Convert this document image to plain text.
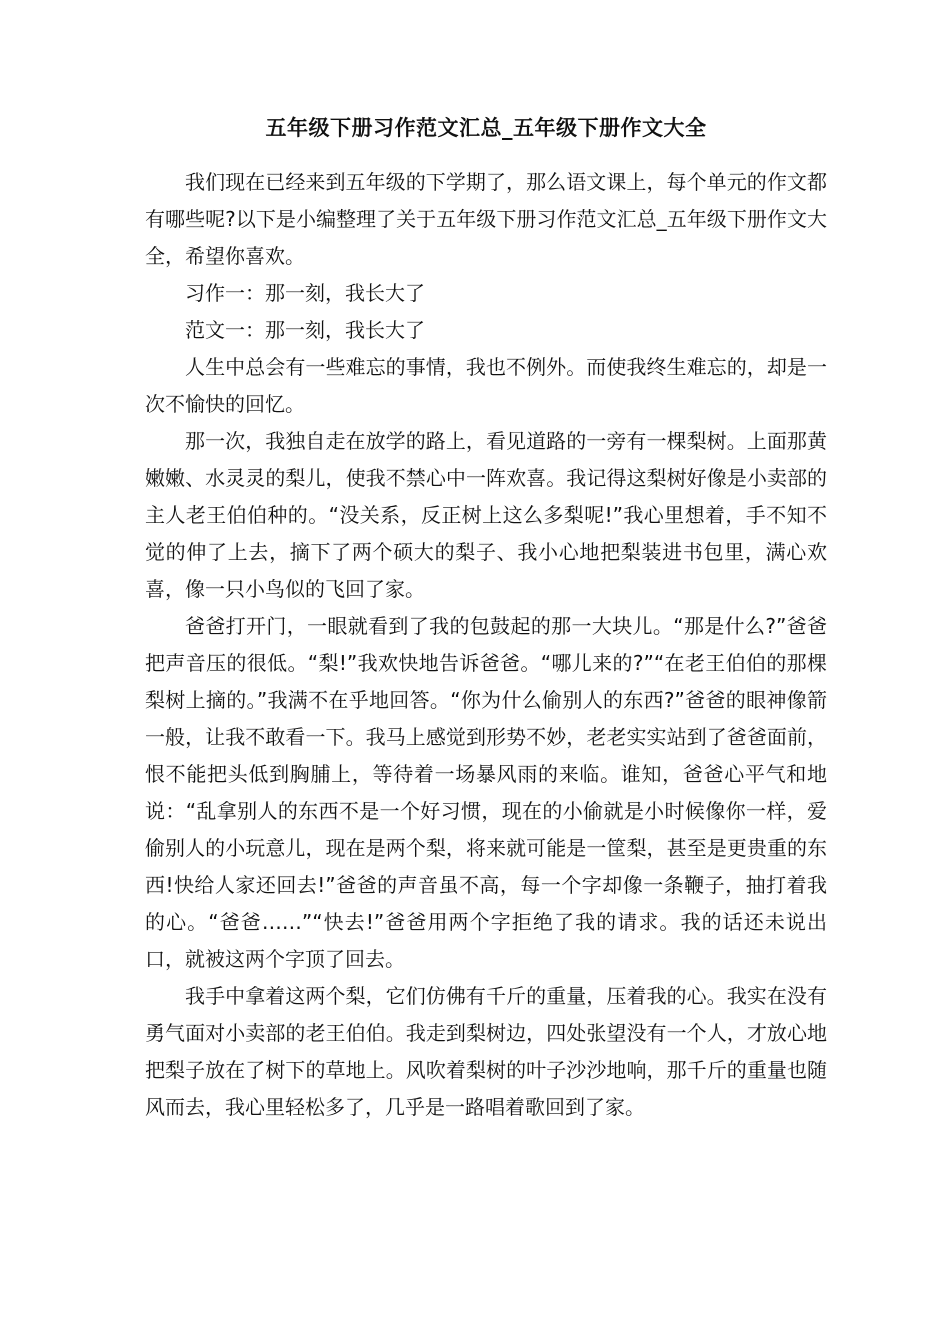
五年级下册习作范文汇总_五年级下册作文大全

我们现在已经来到五年级的下学期了，那么语文课上，每个单元的作文都有哪些呢?以下是小编整理了关于五年级下册习作范文汇总_五年级下册作文大全，希望你喜欢。

习作一：那一刻，我长大了

范文一：那一刻，我长大了

人生中总会有一些难忘的事情，我也不例外。而使我终生难忘的，却是一次不愉快的回忆。

那一次，我独自走在放学的路上，看见道路的一旁有一棵梨树。上面那黄嫩嫩、水灵灵的梨儿，使我不禁心中一阵欢喜。我记得这梨树好像是小卖部的主人老王伯伯种的。“没关系，反正树上这么多梨呢!”我心里想着，手不知不觉的伸了上去，摘下了两个硕大的梨子、我小心地把梨装进书包里，满心欢喜，像一只小鸟似的飞回了家。

爸爸打开门，一眼就看到了我的包鼓起的那一大块儿。“那是什么?”爸爸把声音压的很低。“梨!”我欢快地告诉爸爸。“哪儿来的?”“在老王伯伯的那棵梨树上摘的。”我满不在乎地回答。“你为什么偷别人的东西?”爸爸的眼神像箭一般，让我不敢看一下。我马上感觉到形势不妙，老老实实站到了爸爸面前，恨不能把头低到胸脯上，等待着一场暴风雨的来临。谁知，爸爸心平气和地说：“乱拿别人的东西不是一个好习惯，现在的小偷就是小时候像你一样，爱偷别人的小玩意儿，现在是两个梨，将来就可能是一筐梨，甚至是更贵重的东西!快给人家还回去!”爸爸的声音虽不高，每一个字却像一条鞭子，抽打着我的心。“爸爸……”“快去!”爸爸用两个字拒绝了我的请求。我的话还未说出口，就被这两个字顶了回去。

我手中拿着这两个梨，它们仿佛有千斤的重量，压着我的心。我实在没有勇气面对小卖部的老王伯伯。我走到梨树边，四处张望没有一个人，才放心地把梨子放在了树下的草地上。风吹着梨树的叶子沙沙地响，那千斤的重量也随风而去，我心里轻松多了，几乎是一路唱着歌回到了家。
